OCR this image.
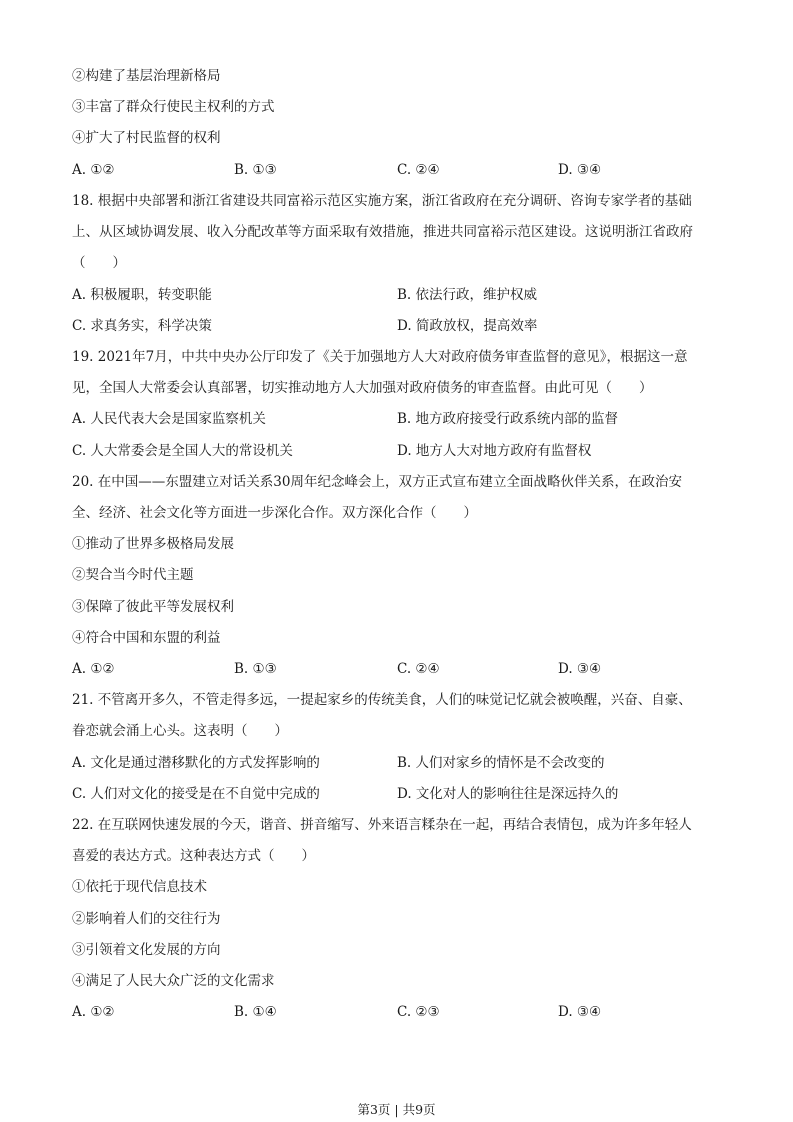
②构建了基层治理新格局
③丰富了群众行使民主权利的方式
④扩大了村民监督的权利
A. ①②	B. ①③	C. ②④	D. ③④
18. 根据中央部署和浙江省建设共同富裕示范区实施方案，浙江省政府在充分调研、咨询专家学者的基础
上、从区域协调发展、收入分配改革等方面采取有效措施，推进共同富裕示范区建设。这说明浙江省政府
（　　）
A. 积极履职，转变职能	B. 依法行政，维护权威
C. 求真务实，科学决策	D. 简政放权，提高效率
19. 2021年7月，中共中央办公厅印发了《关于加强地方人大对政府债务审查监督的意见》，根据这一意
见，全国人大常委会认真部署，切实推动地方人大加强对政府债务的审查监督。由此可见（　　）
A. 人民代表大会是国家监察机关	B. 地方政府接受行政系统内部的监督
C. 人大常委会是全国人大的常设机关	D. 地方人大对地方政府有监督权
20. 在中国——东盟建立对话关系30周年纪念峰会上，双方正式宣布建立全面战略伙伴关系，在政治安
全、经济、社会文化等方面进一步深化合作。双方深化合作（　　）
①推动了世界多极格局发展
②契合当今时代主题
③保障了彼此平等发展权利
④符合中国和东盟的利益
A. ①②	B. ①③	C. ②④	D. ③④
21. 不管离开多久，不管走得多远，一提起家乡的传统美食，人们的味觉记忆就会被唤醒，兴奋、自豪、
眷恋就会涌上心头。这表明（　　）
A. 文化是通过潜移默化的方式发挥影响的	B. 人们对家乡的情怀是不会改变的
C. 人们对文化的接受是在不自觉中完成的	D. 文化对人的影响往往是深远持久的
22. 在互联网快速发展的今天，谐音、拼音缩写、外来语言糅杂在一起，再结合表情包，成为许多年轻人
喜爱的表达方式。这种表达方式（　　）
①依托于现代信息技术
②影响着人们的交往行为
③引领着文化发展的方向
④满足了人民大众广泛的文化需求
A. ①②	B. ①④	C. ②③	D. ③④
第3页 | 共9页
